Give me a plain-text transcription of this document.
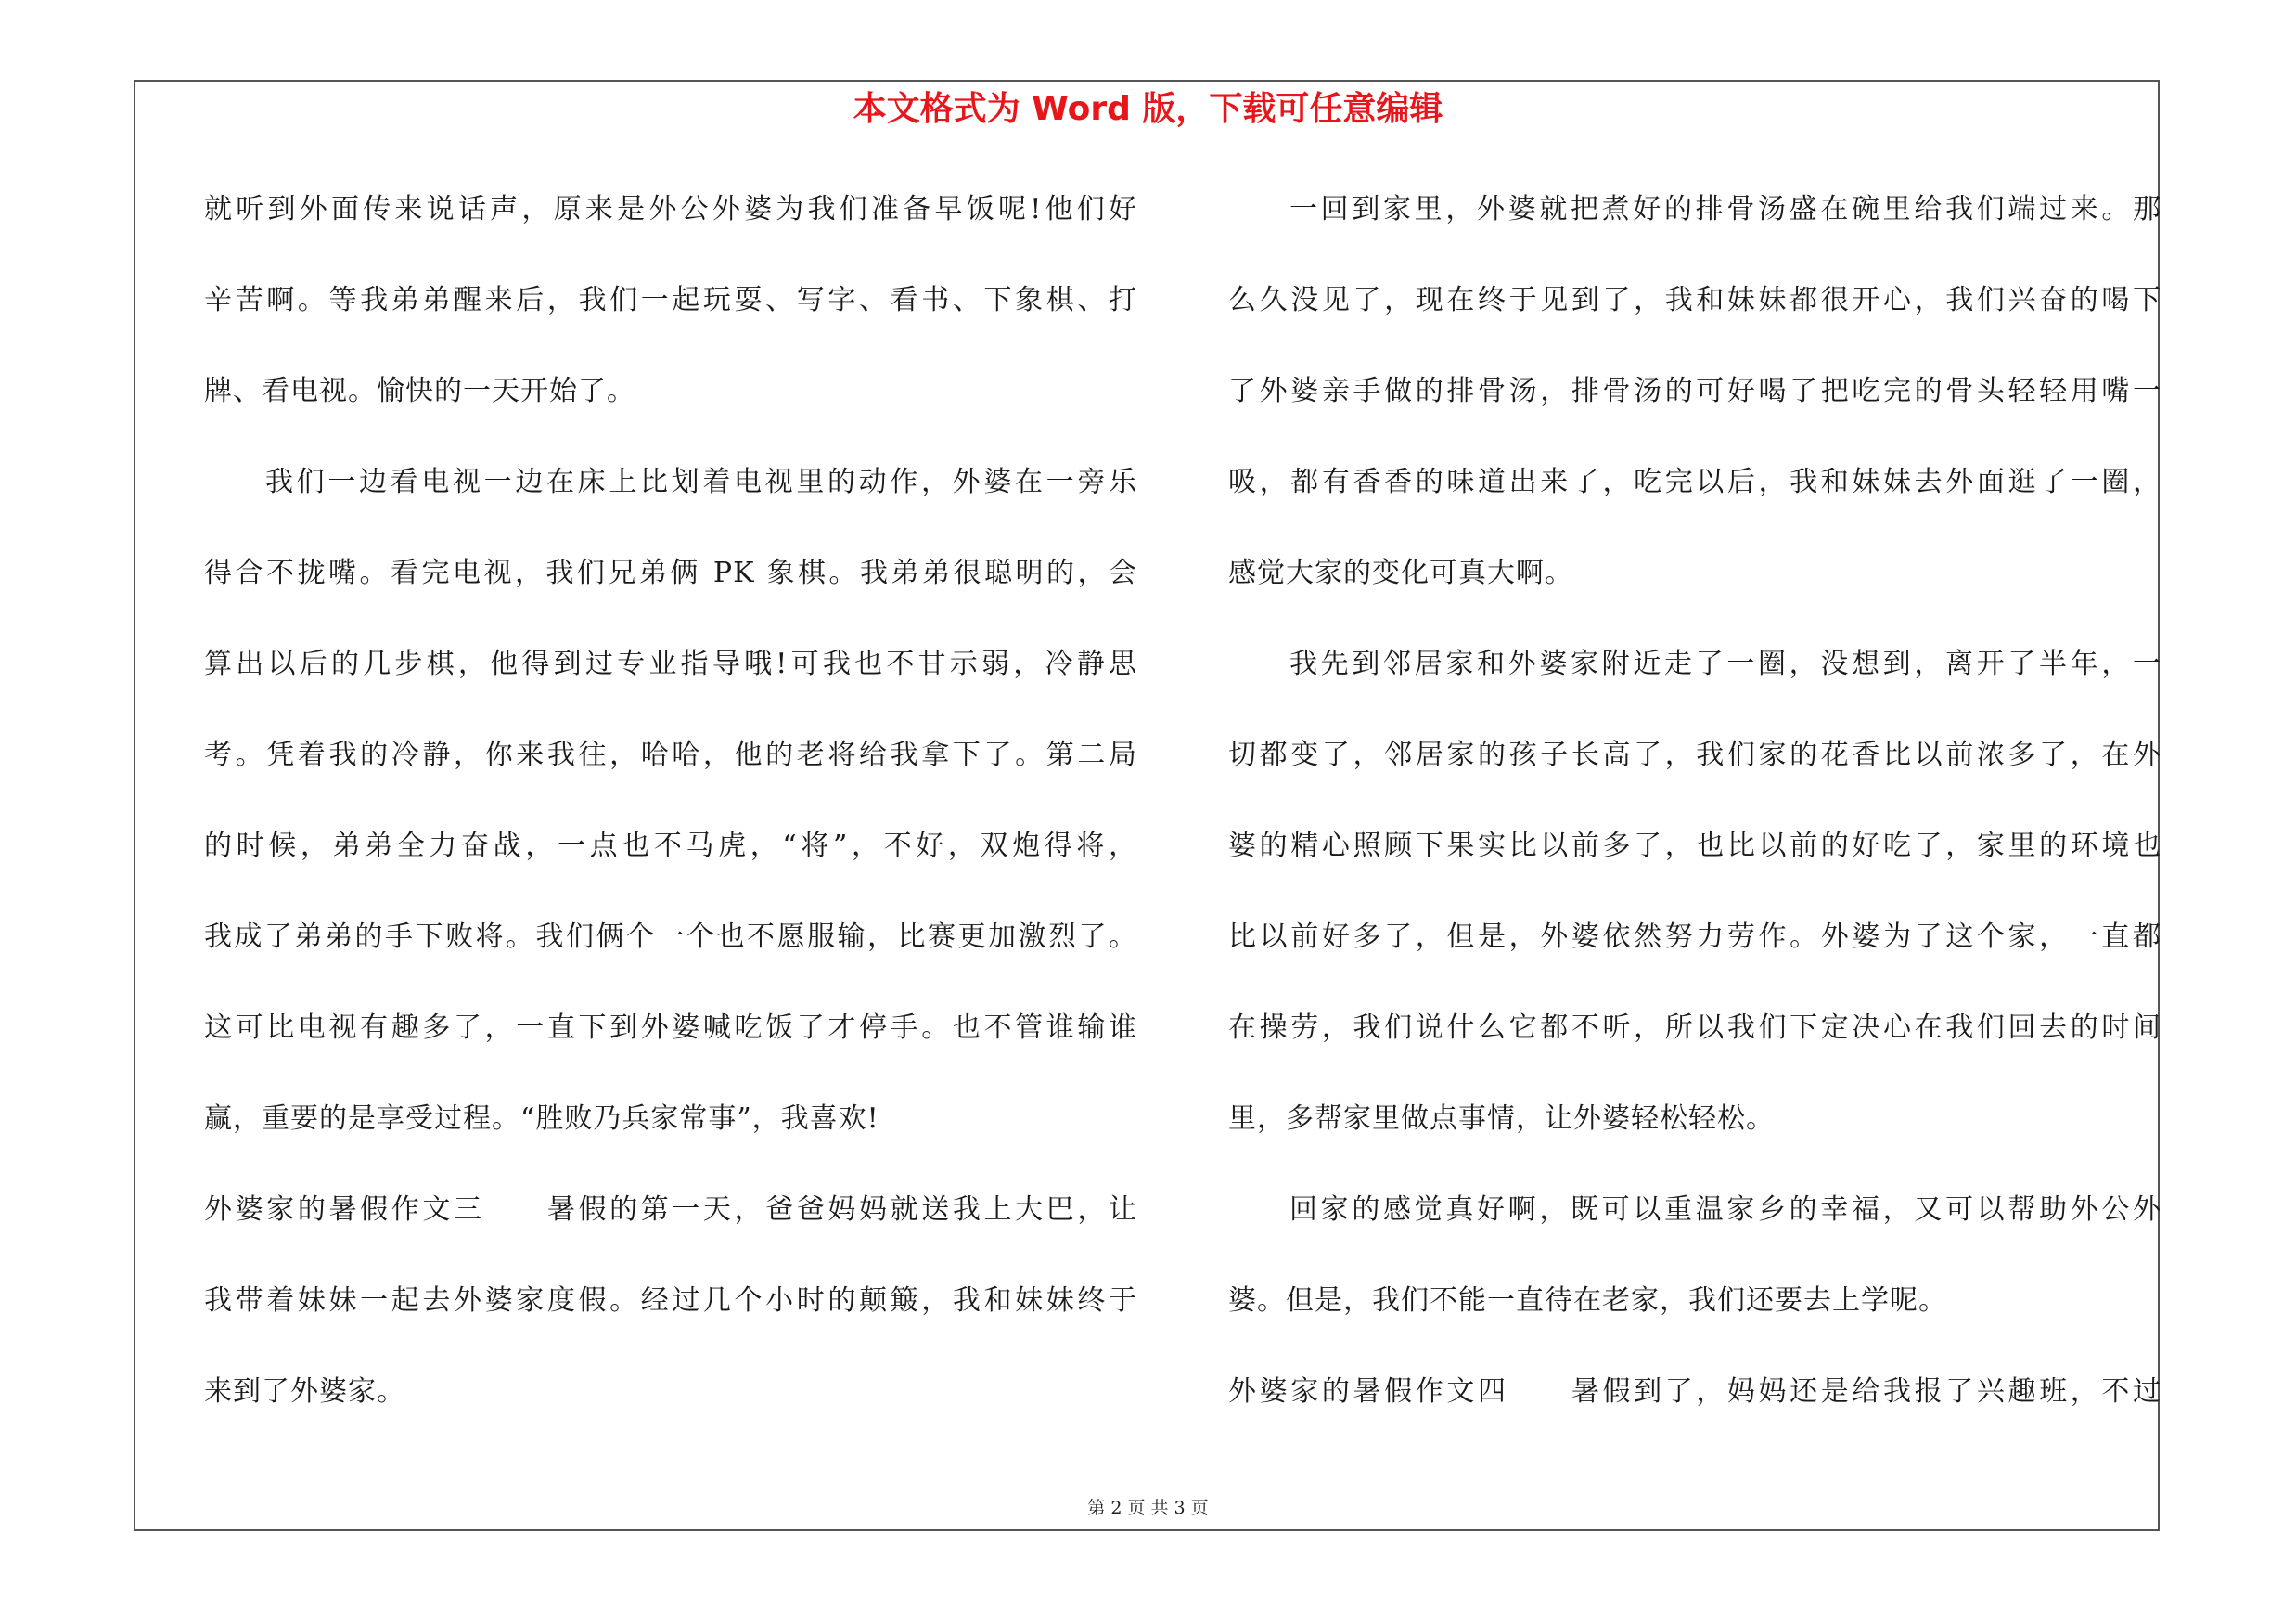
本文格式为 Word 版，下载可任意编辑
就听到外面传来说话声，原来是外公外婆为我们准备早饭呢!他们好
辛苦啊。等我弟弟醒来后，我们一起玩耍、写字、看书、下象棋、打
牌、看电视。愉快的一天开始了。
我们一边看电视一边在床上比划着电视里的动作，外婆在一旁乐
得合不拢嘴。看完电视，我们兄弟俩 PK 象棋。我弟弟很聪明的，会
算出以后的几步棋，他得到过专业指导哦!可我也不甘示弱，冷静思
考。凭着我的冷静，你来我往，哈哈，他的老将给我拿下了。第二局
的时候，弟弟全力奋战，一点也不马虎，“将”，不好，双炮得将，
我成了弟弟的手下败将。我们俩个一个也不愿服输，比赛更加激烈了。
这可比电视有趣多了，一直下到外婆喊吃饭了才停手。也不管谁输谁
赢，重要的是享受过程。“胜败乃兵家常事”，我喜欢!
外婆家的暑假作文三　　暑假的第一天，爸爸妈妈就送我上大巴，让
我带着妹妹一起去外婆家度假。经过几个小时的颠簸，我和妹妹终于
来到了外婆家。
一回到家里，外婆就把煮好的排骨汤盛在碗里给我们端过来。那
么久没见了，现在终于见到了，我和妹妹都很开心，我们兴奋的喝下
了外婆亲手做的排骨汤，排骨汤的可好喝了把吃完的骨头轻轻用嘴一
吸，都有香香的味道出来了，吃完以后，我和妹妹去外面逛了一圈，
感觉大家的变化可真大啊。
我先到邻居家和外婆家附近走了一圈，没想到，离开了半年，一
切都变了，邻居家的孩子长高了，我们家的花香比以前浓多了，在外
婆的精心照顾下果实比以前多了，也比以前的好吃了，家里的环境也
比以前好多了，但是，外婆依然努力劳作。外婆为了这个家，一直都
在操劳，我们说什么它都不听，所以我们下定决心在我们回去的时间
里，多帮家里做点事情，让外婆轻松轻松。
回家的感觉真好啊，既可以重温家乡的幸福，又可以帮助外公外
婆。但是，我们不能一直待在老家，我们还要去上学呢。
外婆家的暑假作文四　　暑假到了，妈妈还是给我报了兴趣班，不过
第 2 页 共 3 页
